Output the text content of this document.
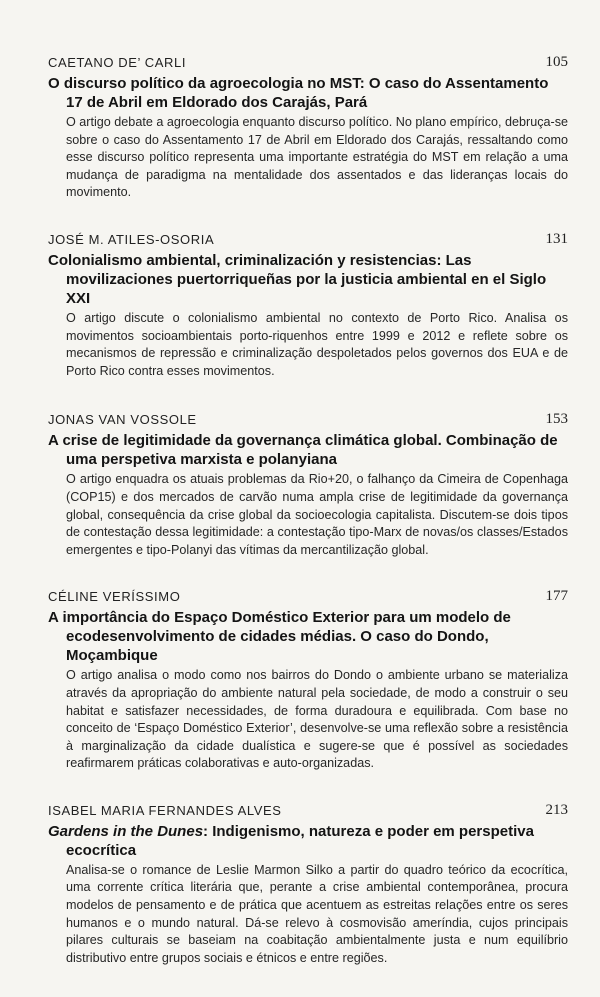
CAETANO DE’ CARLI	105

O discurso político da agroecologia no MST: O caso do Assentamento 17 de Abril em Eldorado dos Carajás, Pará

O artigo debate a agroecologia enquanto discurso político. No plano empírico, debruça-se sobre o caso do Assentamento 17 de Abril em Eldorado dos Carajás, ressaltando como esse discurso político representa uma importante estratégia do MST em relação a uma mudança de paradigma na mentalidade dos assentados e das lideranças locais do movimento.

JOSÉ M. ATILES-OSORIA	131

Colonialismo ambiental, criminalización y resistencias: Las movilizaciones puertorriqueñas por la justicia ambiental en el Siglo XXI

O artigo discute o colonialismo ambiental no contexto de Porto Rico. Analisa os movimentos socioambientais porto-riquenhos entre 1999 e 2012 e reflete sobre os mecanismos de repressão e criminalização despoletados pelos governos dos EUA e de Porto Rico contra esses movimentos.

JONAS VAN VOSSOLE	153

A crise de legitimidade da governança climática global. Combinação de uma perspetiva marxista e polanyiana

O artigo enquadra os atuais problemas da Rio+20, o falhanço da Cimeira de Copenhaga (COP15) e dos mercados de carvão numa ampla crise de legitimidade da governança global, consequência da crise global da socioecologia capitalista. Discutem-se dois tipos de contestação dessa legitimidade: a contestação tipo-Marx de novas/os classes/Estados emergentes e tipo-Polanyi das vítimas da mercantilização global.

CÉLINE VERÍSSIMO	177

A importância do Espaço Doméstico Exterior para um modelo de ecodesenvolvimento de cidades médias. O caso do Dondo, Moçambique

O artigo analisa o modo como nos bairros do Dondo o ambiente urbano se materializa através da apropriação do ambiente natural pela sociedade, de modo a construir o seu habitat e satisfazer necessidades, de forma duradoura e equilibrada. Com base no conceito de ‘Espaço Doméstico Exterior’, desenvolve-se uma reflexão sobre a resistência à marginalização da cidade dualística e sugere-se que é possível as sociedades reafirmarem práticas colaborativas e auto-organizadas.

ISABEL MARIA FERNANDES ALVES	213

Gardens in the Dunes: Indigenismo, natureza e poder em perspetiva ecocrítica

Analisa-se o romance de Leslie Marmon Silko a partir do quadro teórico da ecocrítica, uma corrente crítica literária que, perante a crise ambiental contemporânea, procura modelos de pensamento e de prática que acentuem as estreitas relações entre os seres humanos e o mundo natural. Dá-se relevo à cosmovisão ameríndia, cujos principais pilares culturais se baseiam na coabitação ambientalmente justa e num equilíbrio distributivo entre grupos sociais e étnicos e entre regiões.
